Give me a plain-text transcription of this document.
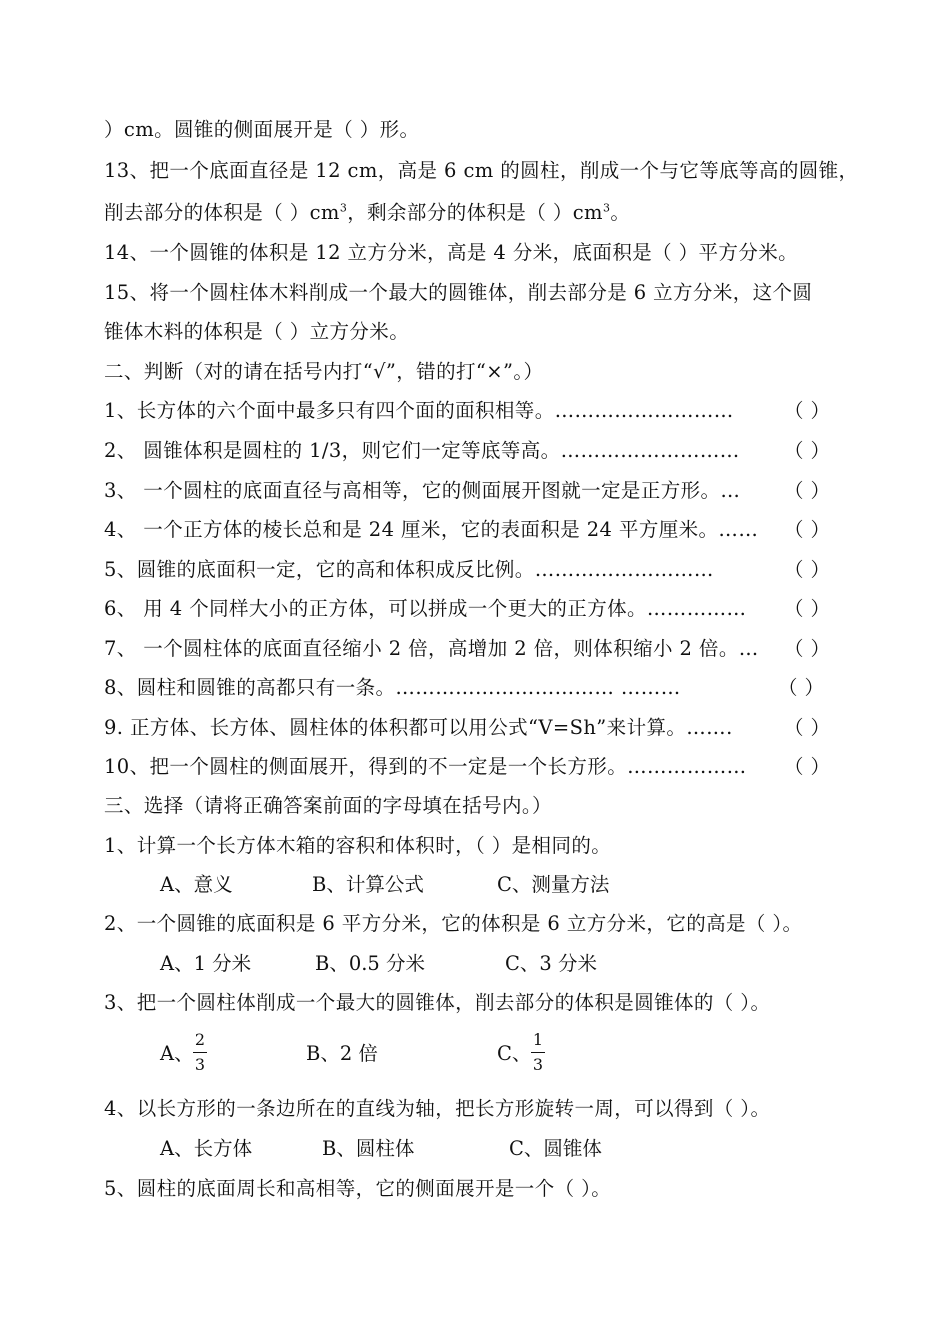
）cm。圆锥的侧面展开是（ ）形。
13、把一个底面直径是 12 cm，高是 6 cm 的圆柱，削成一个与它等底等高的圆锥，
削去部分的体积是（ ）$cm^3$，剩余部分的体积是（ ）$cm^3$。
14、一个圆锥的体积是 12 立方分米，高是 4 分米，底面积是（ ）平方分米。
15、将一个圆柱体木料削成一个最大的圆锥体，削去部分是 6 立方分米，这个圆
锥体木料的体积是（ ）立方分米。
二、判断（对的请在括号内打“√”，错的打“×”。）
1、长方体的六个面中最多只有四个面的面积相等。………………………	（ ）
2、 圆锥体积是圆柱的 1/3，则它们一定等底等高。……………………… （ ）
3、 一个圆柱的底面直径与高相等，它的侧面展开图就一定是正方形。… （ ）
4、 一个正方体的棱长总和是 24 厘米，它的表面积是 24 平方厘米。…… （ ）
5、圆锥的底面积一定，它的高和体积成反比例。………………………	（ ）
6、 用 4 个同样大小的正方体，可以拼成一个更大的正方体。…………… （ ）
7、 一个圆柱体的底面直径缩小 2 倍，高增加 2 倍，则体积缩小 2 倍。… （ ）
8、圆柱和圆锥的高都只有一条。…………………………… ………	（ ）
9. 正方体、长方体、圆柱体的体积都可以用公式“V=Sh”来计算。…….	（ ）
10、把一个圆柱的侧面展开，得到的不一定是一个长方形。……………… （ ）
三、选择（请将正确答案前面的字母填在括号内。）
1、计算一个长方体木箱的容积和体积时，（ ）是相同的。
A、意义	B、计算公式	C、测量方法
2、一个圆锥的底面积是 6 平方分米，它的体积是 6 立方分米，它的高是（ ）。
A、1 分米	B、0.5 分米	C、3 分米
3、把一个圆柱体削成一个最大的圆锥体，削去部分的体积是圆锥体的（ ）。
A、
2
3	B、2 倍	C、
1
3
4、以长方形的一条边所在的直线为轴，把长方形旋转一周，可以得到（ ）。
A、长方体	B、圆柱体	C、圆锥体
5、圆柱的底面周长和高相等，它的侧面展开是一个（ ）。
